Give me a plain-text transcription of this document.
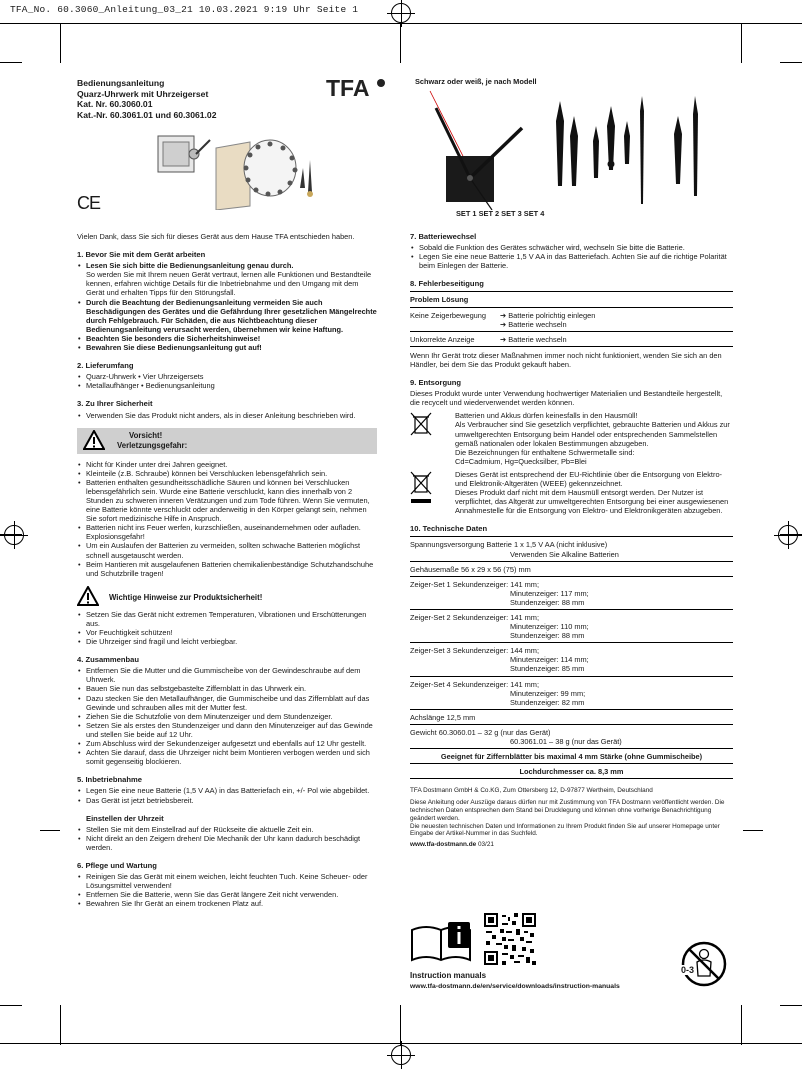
TFA_No. 60.3060_Anleitung_03_21 10.03.2021 9:19 Uhr Seite 1
Bedienungsanleitung
Quarz-Uhrwerk mit Uhrzeigerset
Kat. Nr. 60.3060.01
Kat.-Nr. 60.3061.01 und 60.3061.02
TFA
CE
Schwarz oder weiß, je nach Modell
SET 1 SET 2 SET 3 SET 4
Vielen Dank, dass Sie sich für dieses Gerät aus dem Hause TFA entschieden haben.
1. Bevor Sie mit dem Gerät arbeiten
• Lesen Sie sich bitte die Bedienungsanleitung genau durch.
So werden Sie mit Ihrem neuen Gerät vertraut, lernen alle Funktionen und Bestandteile kennen, erfahren wichtige Details für die Inbetriebnahme und den Umgang mit dem Gerät und erhalten Tipps für den Störungsfall.
• Durch die Beachtung der Bedienungsanleitung vermeiden Sie auch Beschädigungen des Gerätes und die Gefährdung Ihrer gesetzlichen Mängelrechte durch Fehlgebrauch. Für Schäden, die aus Nichtbeachtung dieser Bedienungsanleitung verursacht werden, übernehmen wir keine Haftung.
• Beachten Sie besonders die Sicherheitshinweise!
• Bewahren Sie diese Bedienungsanleitung gut auf!
2. Lieferumfang
• Quarz-Uhrwerk • Vier Uhrzeigersets
• Metallaufhänger • Bedienungsanleitung
3. Zu Ihrer Sicherheit
• Verwenden Sie das Produkt nicht anders, als in dieser Anleitung beschrieben wird.
Vorsicht!
Verletzungsgefahr:
• Nicht für Kinder unter drei Jahren geeignet.
• Kleinteile (z.B. Schraube) können bei Verschlucken lebensgefährlich sein.
• Batterien enthalten gesundheitsschädliche Säuren und können bei Verschlucken lebensgefährlich sein. Wurde eine Batterie verschluckt, kann dies innerhalb von 2 Stunden zu schweren inneren Verätzungen und zum Tode führen. Wenn Sie vermuten, eine Batterie könnte verschluckt oder anderweitig in den Körper gelangt sein, nehmen Sie sofort medizinische Hilfe in Anspruch.
• Batterien nicht ins Feuer werfen, kurzschließen, auseinandernehmen oder aufladen. Explosionsgefahr!
• Um ein Auslaufen der Batterien zu vermeiden, sollten schwache Batterien möglichst schnell ausgetauscht werden.
• Beim Hantieren mit ausgelaufenen Batterien chemikalienbeständige Schutzhandschuhe und Schutzbrille tragen!
Wichtige Hinweise zur Produktsicherheit!
• Setzen Sie das Gerät nicht extremen Temperaturen, Vibrationen und Erschütterungen aus.
• Vor Feuchtigkeit schützen!
• Die Uhrzeiger sind fragil und leicht verbiegbar.
4. Zusammenbau
• Entfernen Sie die Mutter und die Gummischeibe von der Gewindeschraube auf dem Uhrwerk.
• Bauen Sie nun das selbstgebastelte Ziffernblatt in das Uhrwerk ein.
• Dazu stecken Sie den Metallaufhänger, die Gummischeibe und das Ziffernblatt auf das Gewinde und schrauben alles mit der Mutter fest.
• Ziehen Sie die Schutzfolie von dem Minutenzeiger und dem Stundenzeiger.
• Setzen Sie als erstes den Stundenzeiger und dann den Minutenzeiger auf das Gewinde und stellen Sie beide auf 12 Uhr.
• Zum Abschluss wird der Sekundenzeiger aufgesetzt und ebenfalls auf 12 Uhr gestellt.
• Achten Sie darauf, dass die Uhrzeiger nicht beim Montieren verbogen werden und sich somit gegenseitig blockieren.
5. Inbetriebnahme
• Legen Sie eine neue Batterie (1,5 V AA) in das Batteriefach ein, +/- Pol wie abgebildet.
• Das Gerät ist jetzt betriebsbereit.
Einstellen der Uhrzeit
• Stellen Sie mit dem Einstellrad auf der Rückseite die aktuelle Zeit ein.
• Nicht direkt an den Zeigern drehen! Die Mechanik der Uhr kann dadurch beschädigt werden.
6. Pflege und Wartung
• Reinigen Sie das Gerät mit einem weichen, leicht feuchten Tuch. Keine Scheuer- oder Lösungsmittel verwenden!
• Entfernen Sie die Batterie, wenn Sie das Gerät längere Zeit nicht verwenden.
• Bewahren Sie Ihr Gerät an einem trockenen Platz auf.
7. Batteriewechsel
• Sobald die Funktion des Gerätes schwächer wird, wechseln Sie bitte die Batterie.
• Legen Sie eine neue Batterie 1,5 V AA in das Batteriefach. Achten Sie auf die richtige Polarität beim Einlegen der Batterie.
8. Fehlerbeseitigung
Problem Lösung
Keine Zeigerbewegung	➔ Batterie polrichtig einlegen
➔ Batterie wechseln
Unkorrekte Anzeige	➔ Batterie wechseln
Wenn Ihr Gerät trotz dieser Maßnahmen immer noch nicht funktioniert, wenden Sie sich an den Händler, bei dem Sie das Produkt gekauft haben.
9. Entsorgung
Dieses Produkt wurde unter Verwendung hochwertiger Materialien und Bestandteile hergestellt, die recycelt und wiederverwendet werden können.
Batterien und Akkus dürfen keinesfalls in den Hausmüll!
Als Verbraucher sind Sie gesetzlich verpflichtet, gebrauchte Batterien und Akkus zur umweltgerechten Entsorgung beim Handel oder entsprechenden Sammelstellen gemäß nationalen oder lokalen Bestimmungen abzugeben.
Die Bezeichnungen für enthaltene Schwermetalle sind:
Cd=Cadmium, Hg=Quecksilber, Pb=Blei
Dieses Gerät ist entsprechend der EU-Richtlinie über die Entsorgung von Elektro- und Elektronik-Altgeräten (WEEE) gekennzeichnet.
Dieses Produkt darf nicht mit dem Hausmüll entsorgt werden. Der Nutzer ist verpflichtet, das Altgerät zur umweltgerechten Entsorgung bei einer ausgewiesenen Annahmestelle für die Entsorgung von Elektro- und Elektronikgeräten abzugeben.
10. Technische Daten
Spannungsversorgung Batterie 1 x 1,5 V AA (nicht inklusive)
Verwenden Sie Alkaline Batterien
Gehäusemaße 56 x 29 x 56 (75) mm
Zeiger-Set 1 Sekundenzeiger: 141 mm;
Minutenzeiger: 117 mm;
Stundenzeiger: 88 mm
Zeiger-Set 2 Sekundenzeiger: 141 mm;
Minutenzeiger: 110 mm;
Stundenzeiger: 88 mm
Zeiger-Set 3 Sekundenzeiger: 144 mm;
Minutenzeiger: 114 mm;
Stundenzeiger: 85 mm
Zeiger-Set 4 Sekundenzeiger: 141 mm;
Minutenzeiger: 99 mm;
Stundenzeiger: 82 mm
Achslänge 12,5 mm
Gewicht 60.3060.01 – 32 g (nur das Gerät)
60.3061.01 – 38 g (nur das Gerät)
Geeignet für Ziffernblätter bis maximal 4 mm Stärke (ohne Gummischeibe)
Lochdurchmesser ca. 8,3 mm
TFA Dostmann GmbH & Co.KG, Zum Ottersberg 12, D-97877 Wertheim, Deutschland
Diese Anleitung oder Auszüge daraus dürfen nur mit Zustimmung von TFA Dostmann veröffentlicht werden. Die technischen Daten entsprechen dem Stand bei Drucklegung und können ohne vorherige Benachrichtigung geändert werden.
Die neuesten technischen Daten und Informationen zu Ihrem Produkt finden Sie auf unserer Homepage unter Eingabe der Artikel-Nummer in das Suchfeld.
www.tfa-dostmann.de 03/21
Instruction manuals
www.tfa-dostmann.de/en/service/downloads/instruction-manuals
0-3
